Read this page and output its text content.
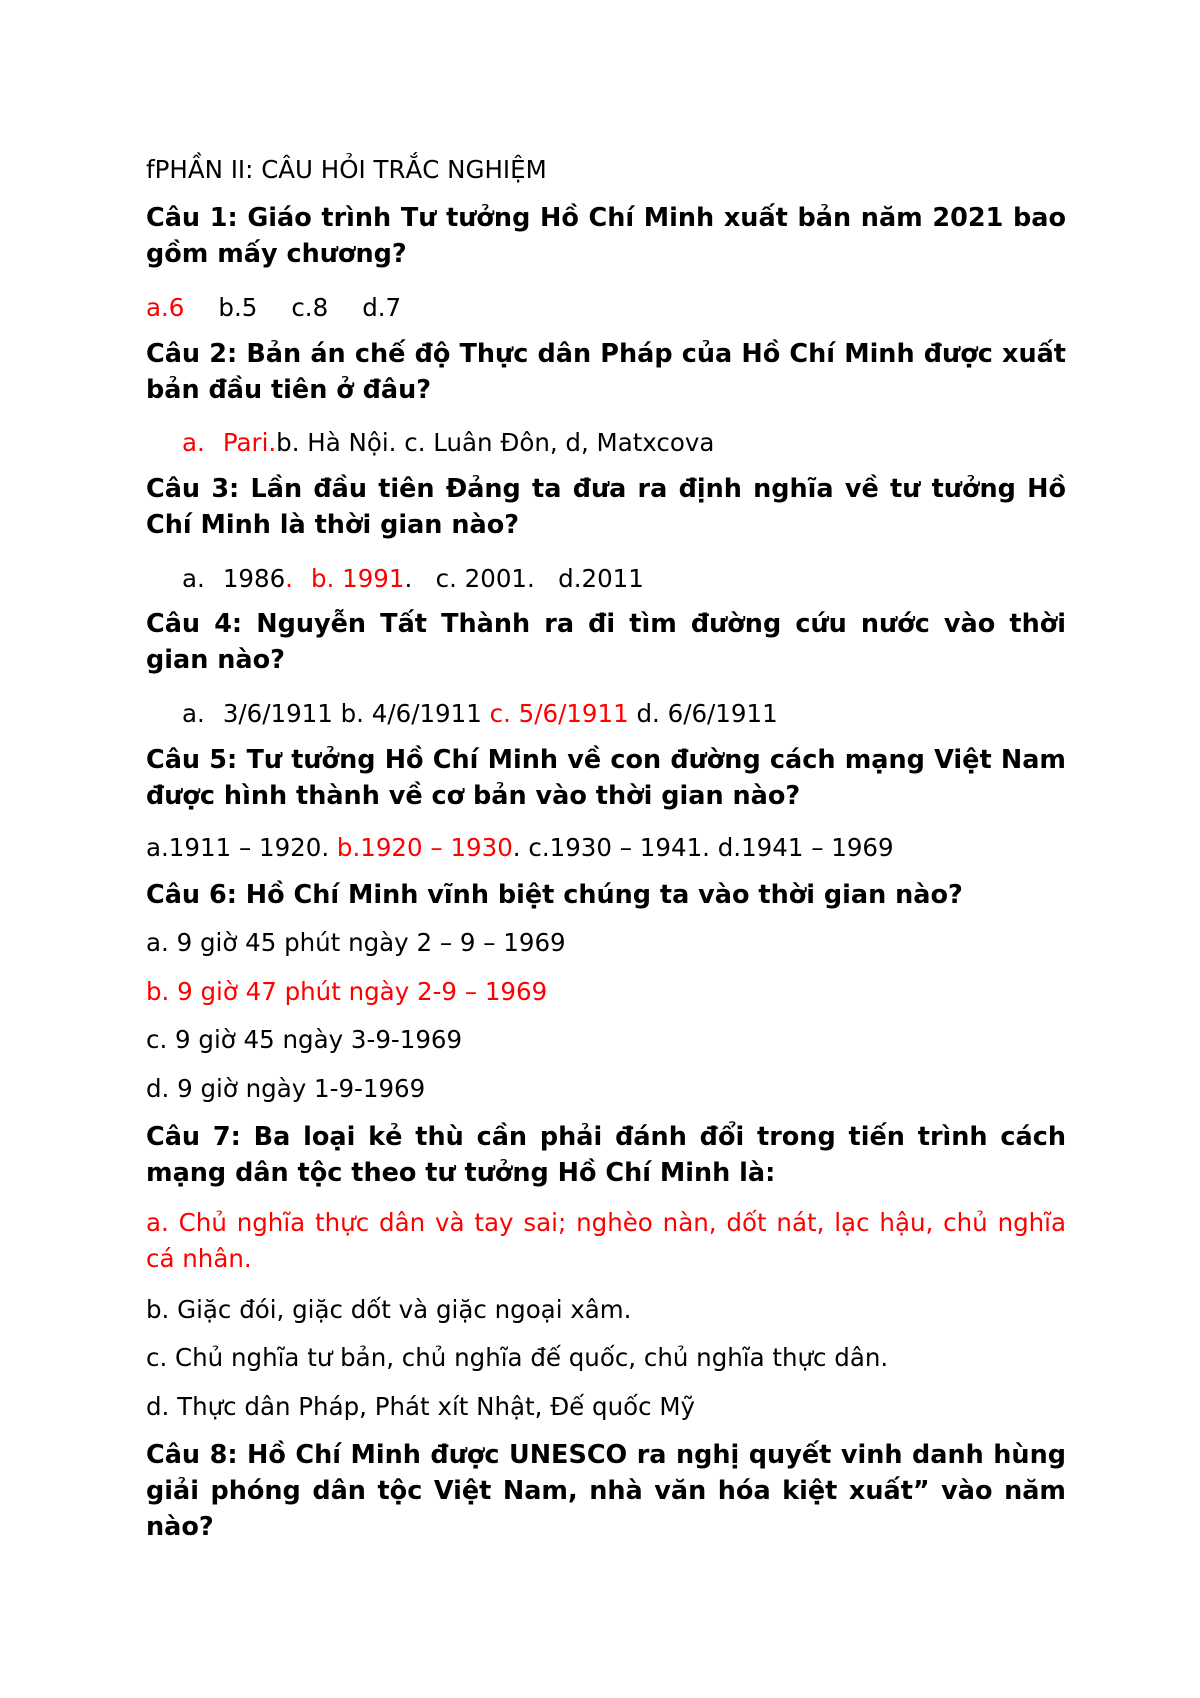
fPHẦN II: CÂU HỎI TRẮC NGHIỆM
Câu 1: Giáo trình Tư tưởng Hồ Chí Minh xuất bản năm 2021 bao gồm mấy chương?
a.6 b.5 c.8 d.7
Câu 2: Bản án chế độ Thực dân Pháp của Hồ Chí Minh được xuất bản đầu tiên ở đâu?
a. Pari.b. Hà Nội. c. Luân Đôn, d, Matxcova
Câu 3: Lần đầu tiên Đảng ta đưa ra định nghĩa về tư tưởng Hồ Chí Minh là thời gian nào?
a. 1986. b. 1991.   c. 2001.   d.2011
Câu 4: Nguyễn Tất Thành ra đi tìm đường cứu nước vào thời gian nào?
a. 3/6/1911 b. 4/6/1911 c. 5/6/1911 d. 6/6/1911
Câu 5: Tư tưởng Hồ Chí Minh về con đường cách mạng Việt Nam được hình thành về cơ bản vào thời gian nào?
a.1911 – 1920. b.1920 – 1930. c.1930 – 1941. d.1941 – 1969
Câu 6: Hồ Chí Minh vĩnh biệt chúng ta vào thời gian nào?
a. 9 giờ 45 phút ngày 2 – 9 – 1969
b. 9 giờ 47 phút ngày 2-9 – 1969
c. 9 giờ 45 ngày 3-9-1969
d. 9 giờ ngày 1-9-1969
Câu 7: Ba loại kẻ thù cần phải đánh đổi trong tiến trình cách mạng dân tộc theo tư tưởng Hồ Chí Minh là:
a. Chủ nghĩa thực dân và tay sai; nghèo nàn, dốt nát, lạc hậu, chủ nghĩa cá nhân.
b. Giặc đói, giặc dốt và giặc ngoại xâm.
c. Chủ nghĩa tư bản, chủ nghĩa đế quốc, chủ nghĩa thực dân.
d. Thực dân Pháp, Phát xít Nhật, Đế quốc Mỹ
Câu 8: Hồ Chí Minh được UNESCO ra nghị quyết vinh danh hùng giải phóng dân tộc Việt Nam, nhà văn hóa kiệt xuất” vào năm nào?
